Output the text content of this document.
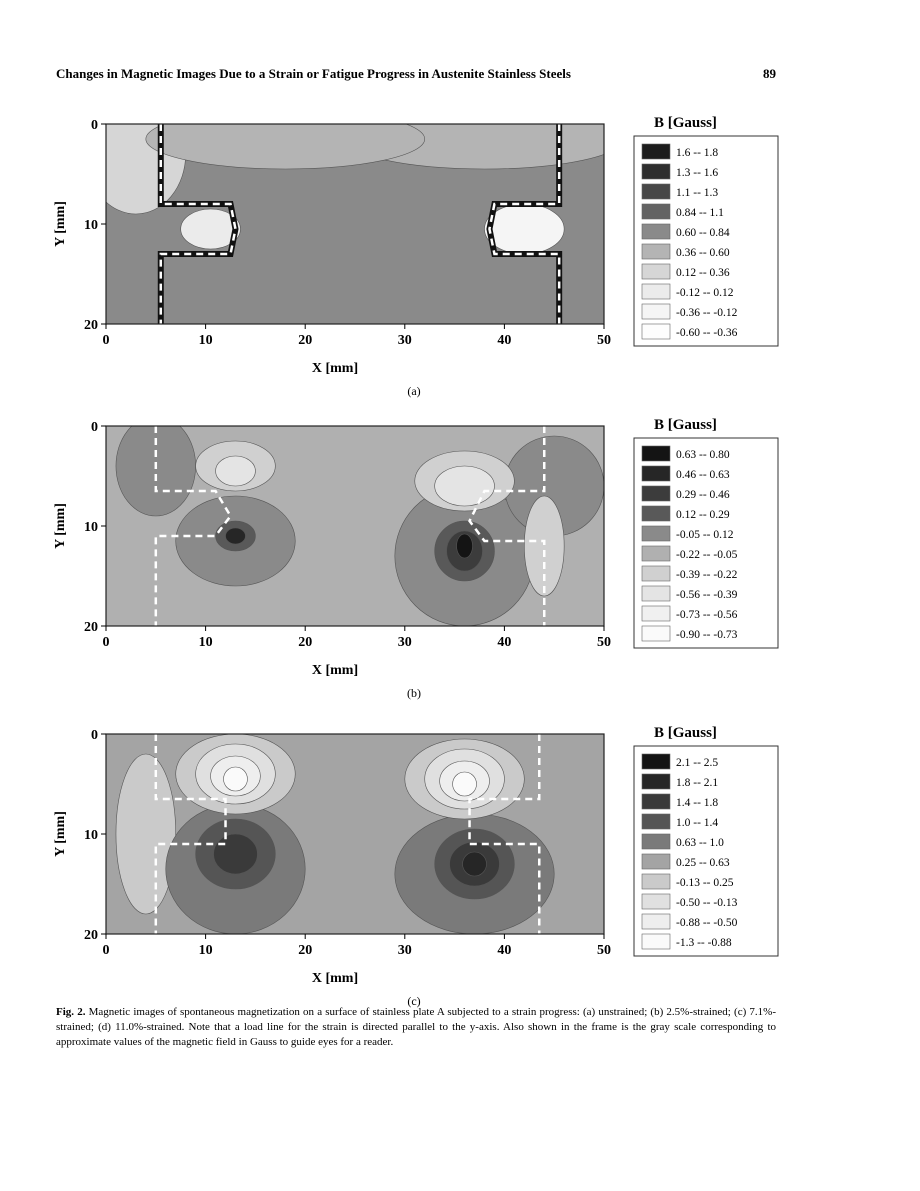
Changes in Magnetic Images Due to a Strain or Fatigue Progress in Austenite Stainless Steels	89
0	10	20	30	40	50
0
10
20
X [mm]
Y [mm]
(a)
B [Gauss]
1.6 -- 1.8
1.3 -- 1.6
1.1 -- 1.3
0.84 -- 1.1
0.60 -- 0.84
0.36 -- 0.60
0.12 -- 0.36
-0.12 -- 0.12
-0.36 -- -0.12
-0.60 -- -0.36
0	10	20	30	40	50
0
10
20
X [mm]
Y [mm]
(b)
B [Gauss]
0.63 -- 0.80
0.46 -- 0.63
0.29 -- 0.46
0.12 -- 0.29
-0.05 -- 0.12
-0.22 -- -0.05
-0.39 -- -0.22
-0.56 -- -0.39
-0.73 -- -0.56
-0.90 -- -0.73
0	10	20	30	40	50
0
10
20
X [mm]
Y [mm]
(c)
B [Gauss]
2.1 -- 2.5
1.8 -- 2.1
1.4 -- 1.8
1.0 -- 1.4
0.63 -- 1.0
0.25 -- 0.63
-0.13 -- 0.25
-0.50 -- -0.13
-0.88 -- -0.50
-1.3 -- -0.88
Fig. 2. Magnetic images of spontaneous magnetization on a surface of stainless plate A subjected to a strain progress: (a) unstrained; (b) 2.5%-strained; (c) 7.1%-strained; (d) 11.0%-strained. Note that a load line for the strain is directed parallel to the y-axis. Also shown in the frame is the gray scale corresponding to approximate values of the magnetic field in Gauss to guide eyes for a reader.
